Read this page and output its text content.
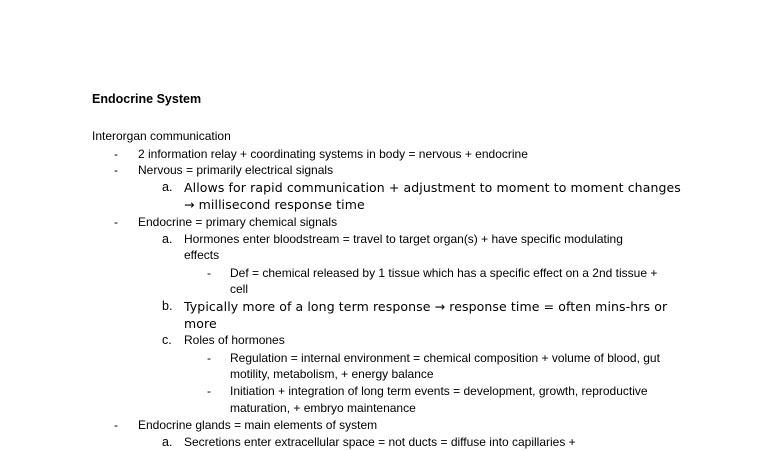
Endocrine System
Interorgan communication
- 2 information relay + coordinating systems in body = nervous + endocrine
- Nervous = primarily electrical signals
a. Allows for rapid communication + adjustment to moment to moment changes
→ millisecond response time
- Endocrine = primary chemical signals
a. Hormones enter bloodstream = travel to target organ(s) + have specific modulating
effects
- Def = chemical released by 1 tissue which has a specific effect on a 2nd tissue +
cell
b. Typically more of a long term response → response time = often mins-hrs or
more
c. Roles of hormones
- Regulation = internal environment = chemical composition + volume of blood, gut
motility, metabolism, + energy balance
- Initiation + integration of long term events = development, growth, reproductive
maturation, + embryo maintenance
- Endocrine glands = main elements of system
a. Secretions enter extracellular space = not ducts = diffuse into capillaries +
